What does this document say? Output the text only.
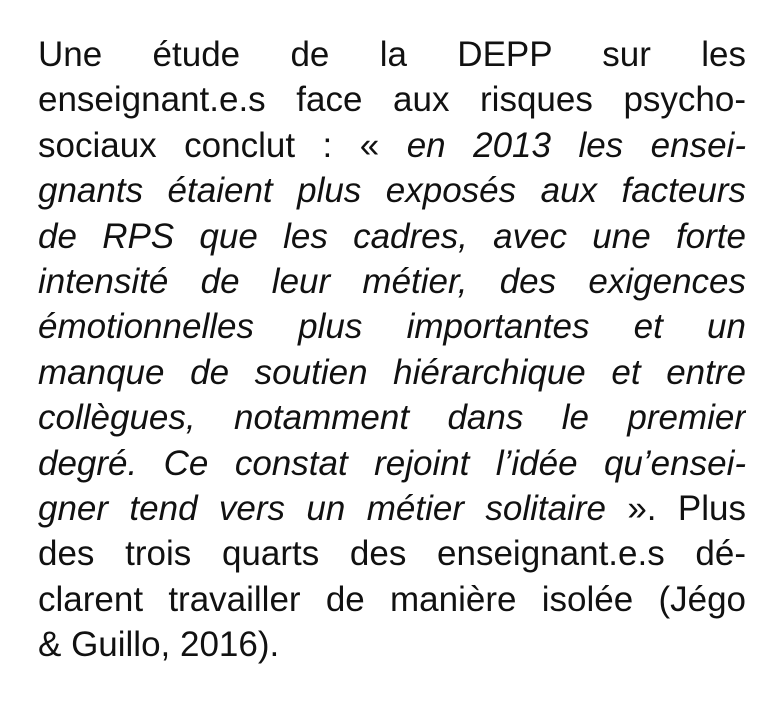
Une étude de la DEPP sur les
enseignant.e.s face aux risques psycho-
sociaux conclut : « en 2013 les ensei-
gnants étaient plus exposés aux facteurs
de RPS que les cadres, avec une forte
intensité de leur métier, des exigences
émotionnelles plus importantes et un
manque de soutien hiérarchique et entre
collègues, notamment dans le premier
degré. Ce constat rejoint l’idée qu’ensei-
gner tend vers un métier solitaire ». Plus
des trois quarts des enseignant.e.s dé-
clarent travailler de manière isolée (Jégo
& Guillo, 2016).
